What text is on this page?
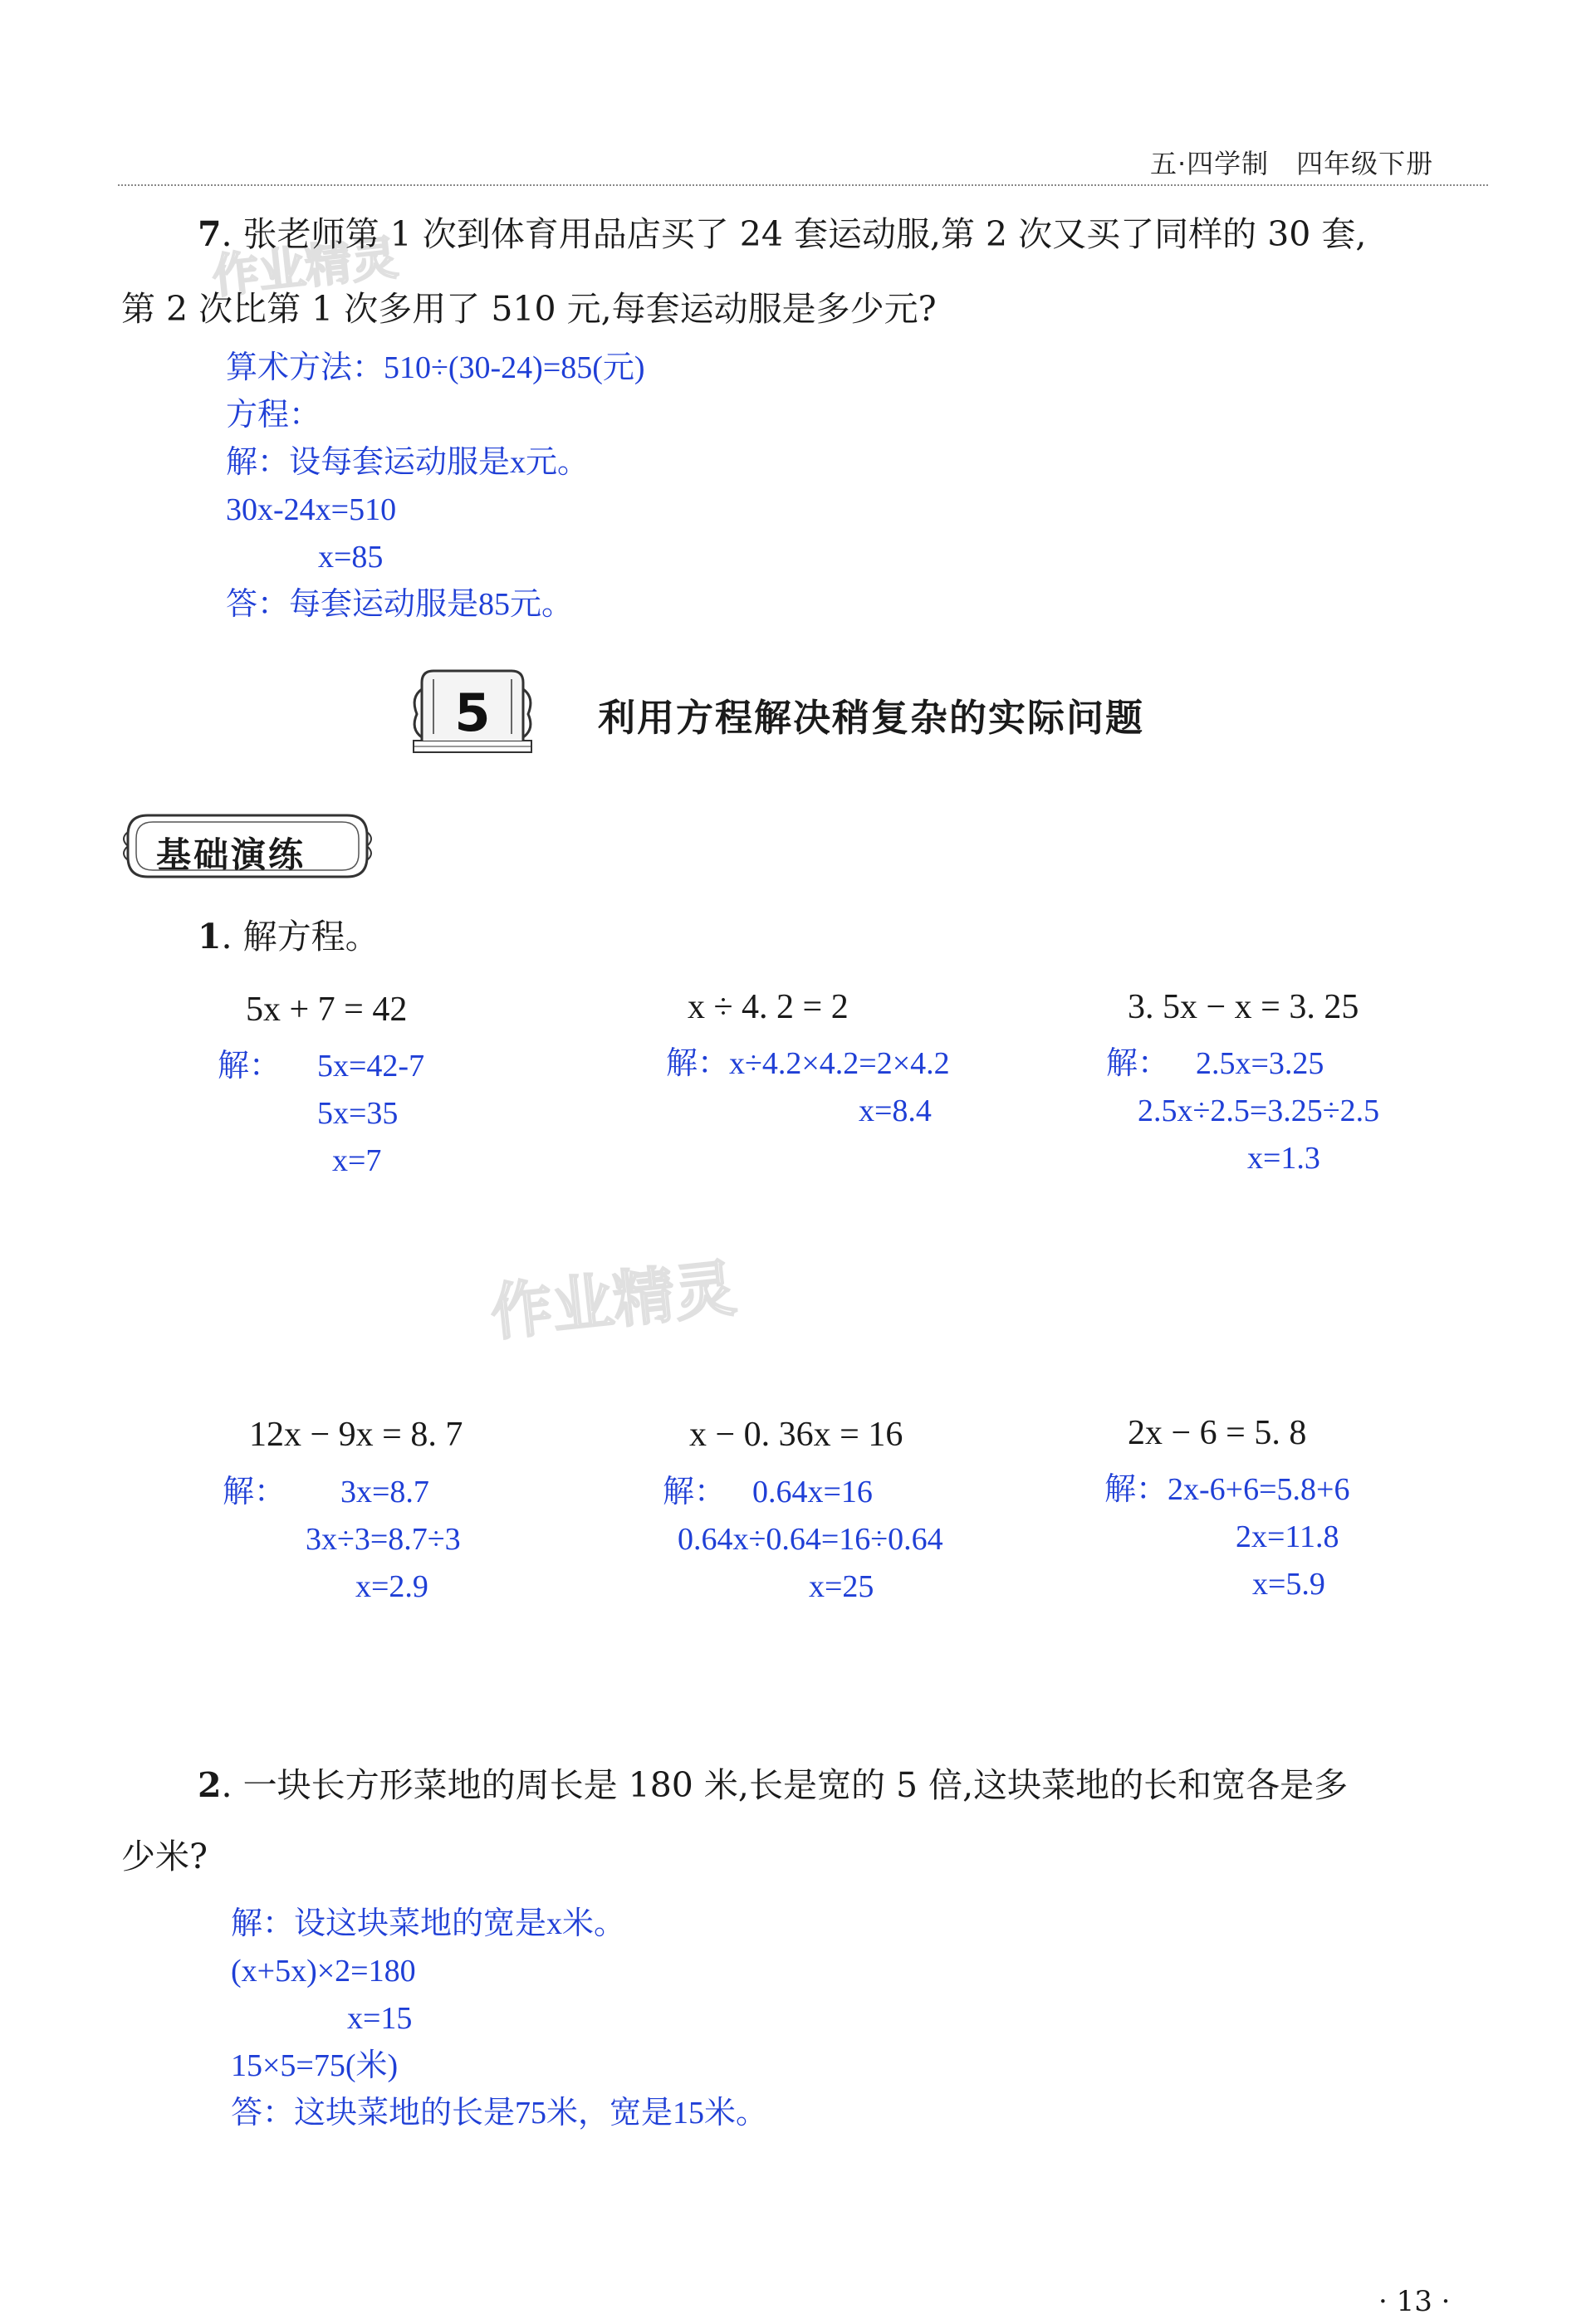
作业精灵
作业精灵
五·四学制　四年级下册
7. 张老师第 1 次到体育用品店买了 24 套运动服,第 2 次又买了同样的 30 套,
第 2 次比第 1 次多用了 510 元,每套运动服是多少元?
算术方法：510÷(30-24)=85(元)
方程：
解：设每套运动服是x元。
30x-24x=510
x=85
答：每套运动服是85元。
5	利用方程解决稍复杂的实际问题
基础演练
1. 解方程。
5x + 7 = 42	x ÷ 4. 2 = 2	3. 5x − x = 3. 25
解： 5x=42-7
5x=35
x=7
解：x÷4.2×4.2=2×4.2
x=8.4
解： 2.5x=3.25
2.5x÷2.5=3.25÷2.5
x=1.3
12x − 9x = 8. 7	x − 0. 36x = 16	2x − 6 = 5. 8
解： 3x=8.7
3x÷3=8.7÷3
x=2.9
解： 0.64x=16
0.64x÷0.64=16÷0.64
x=25
解：2x-6+6=5.8+6
2x=11.8
x=5.9
2. 一块长方形菜地的周长是 180 米,长是宽的 5 倍,这块菜地的长和宽各是多
少米?
解：设这块菜地的宽是x米。
(x+5x)×2=180
x=15
15×5=75(米)
答：这块菜地的长是75米，宽是15米。
· 13 ·
